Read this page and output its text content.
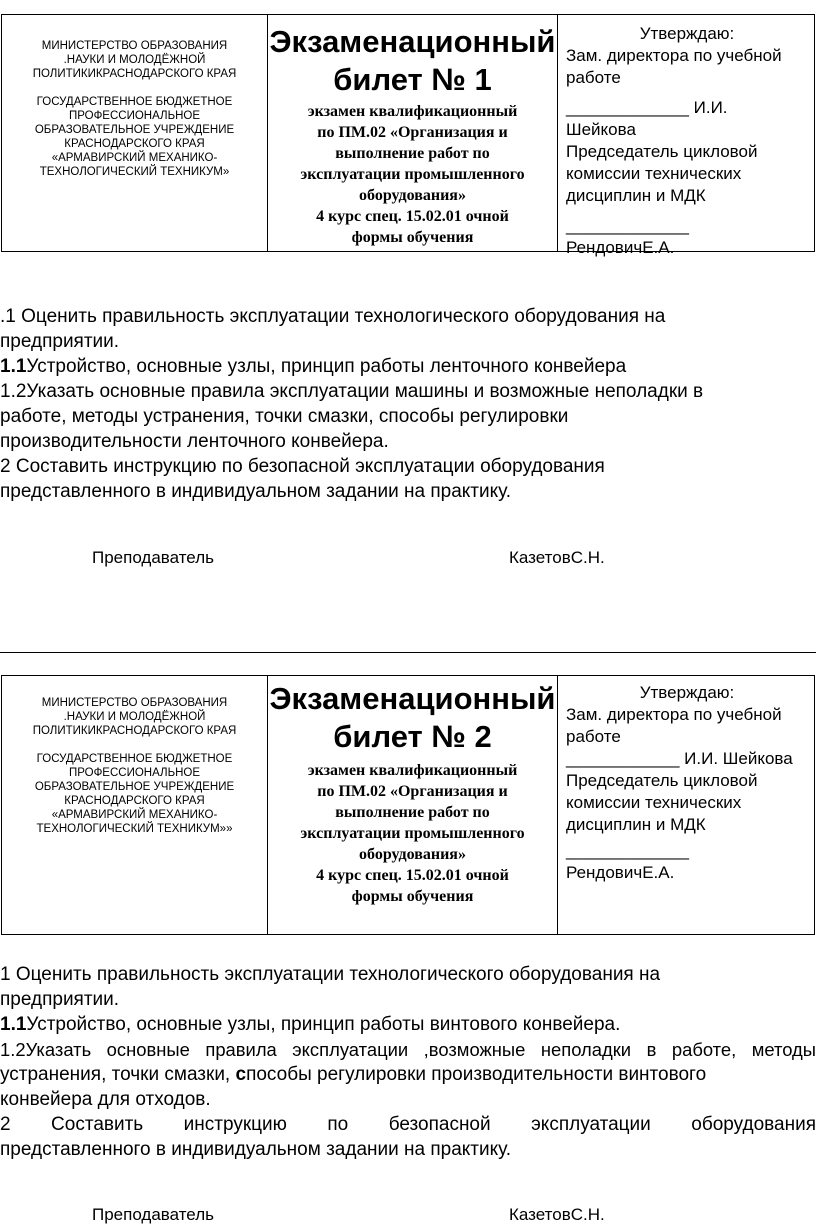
МИНИСТЕРСТВО ОБРАЗОВАНИЯ
.НАУКИ И МОЛОДЁЖНОЙ
ПОЛИТИКИКРАСНОДАРСКОГО КРАЯ
ГОСУДАРСТВЕННОЕ БЮДЖЕТНОЕ
ПРОФЕССИОНАЛЬНОЕ
ОБРАЗОВАТЕЛЬНОЕ УЧРЕЖДЕНИЕ
КРАСНОДАРСКОГО КРАЯ
«АРМАВИРСКИЙ МЕХАНИКО-
ТЕХНОЛОГИЧЕСКИЙ ТЕХНИКУМ»
Экзаменационный
билет № 1
экзамен квалификационный
по ПМ.02 «Организация и
выполнение работ по
эксплуатации промышленного
оборудования»
4 курс спец. 15.02.01 очной
формы обучения
Утверждаю:
Зам. директора по учебной
работе
_____________ И.И.
Шейкова
Председатель цикловой
комиссии технических
дисциплин и МДК
_____________
РендовичЕ.А.

.1 Оценить правильность эксплуатации технологического оборудования на

предприятии.

1.1Устройство, основные узлы, принцип работы ленточного конвейера

1.2Указать основные правила эксплуатации машины и возможные неполадки в

работе, методы устранения, точки смазки, способы регулировки

производительности ленточного конвейера.

2 Составить инструкцию по безопасной эксплуатации оборудования

представленного в индивидуальном задании на практику.

Преподаватель	КазетовС.Н.
МИНИСТЕРСТВО ОБРАЗОВАНИЯ
.НАУКИ И МОЛОДЁЖНОЙ
ПОЛИТИКИКРАСНОДАРСКОГО КРАЯ
ГОСУДАРСТВЕННОЕ БЮДЖЕТНОЕ
ПРОФЕССИОНАЛЬНОЕ
ОБРАЗОВАТЕЛЬНОЕ УЧРЕЖДЕНИЕ
КРАСНОДАРСКОГО КРАЯ
«АРМАВИРСКИЙ МЕХАНИКО-
ТЕХНОЛОГИЧЕСКИЙ ТЕХНИКУМ»»
Экзаменационный
билет № 2
экзамен квалификационный
по ПМ.02 «Организация и
выполнение работ по
эксплуатации промышленного
оборудования»
4 курс спец. 15.02.01 очной
формы обучения
Утверждаю:
Зам. директора по учебной
работе
____________ И.И. Шейкова
Председатель цикловой
комиссии технических
дисциплин и МДК
_____________
РендовичЕ.А.

1 Оценить правильность эксплуатации технологического оборудования на

предприятии.

1.1Устройство, основные узлы, принцип работы винтового конвейера.

1.2Указать основные правила эксплуатации ,возможные неполадки в работе, методы

устранения, точки смазки, способы регулировки производительности винтового

конвейера для отходов.

2     Составить     инструкцию     по     безопасной     эксплуатации     оборудования

представленного в индивидуальном задании на практику.

Преподаватель	КазетовС.Н.
